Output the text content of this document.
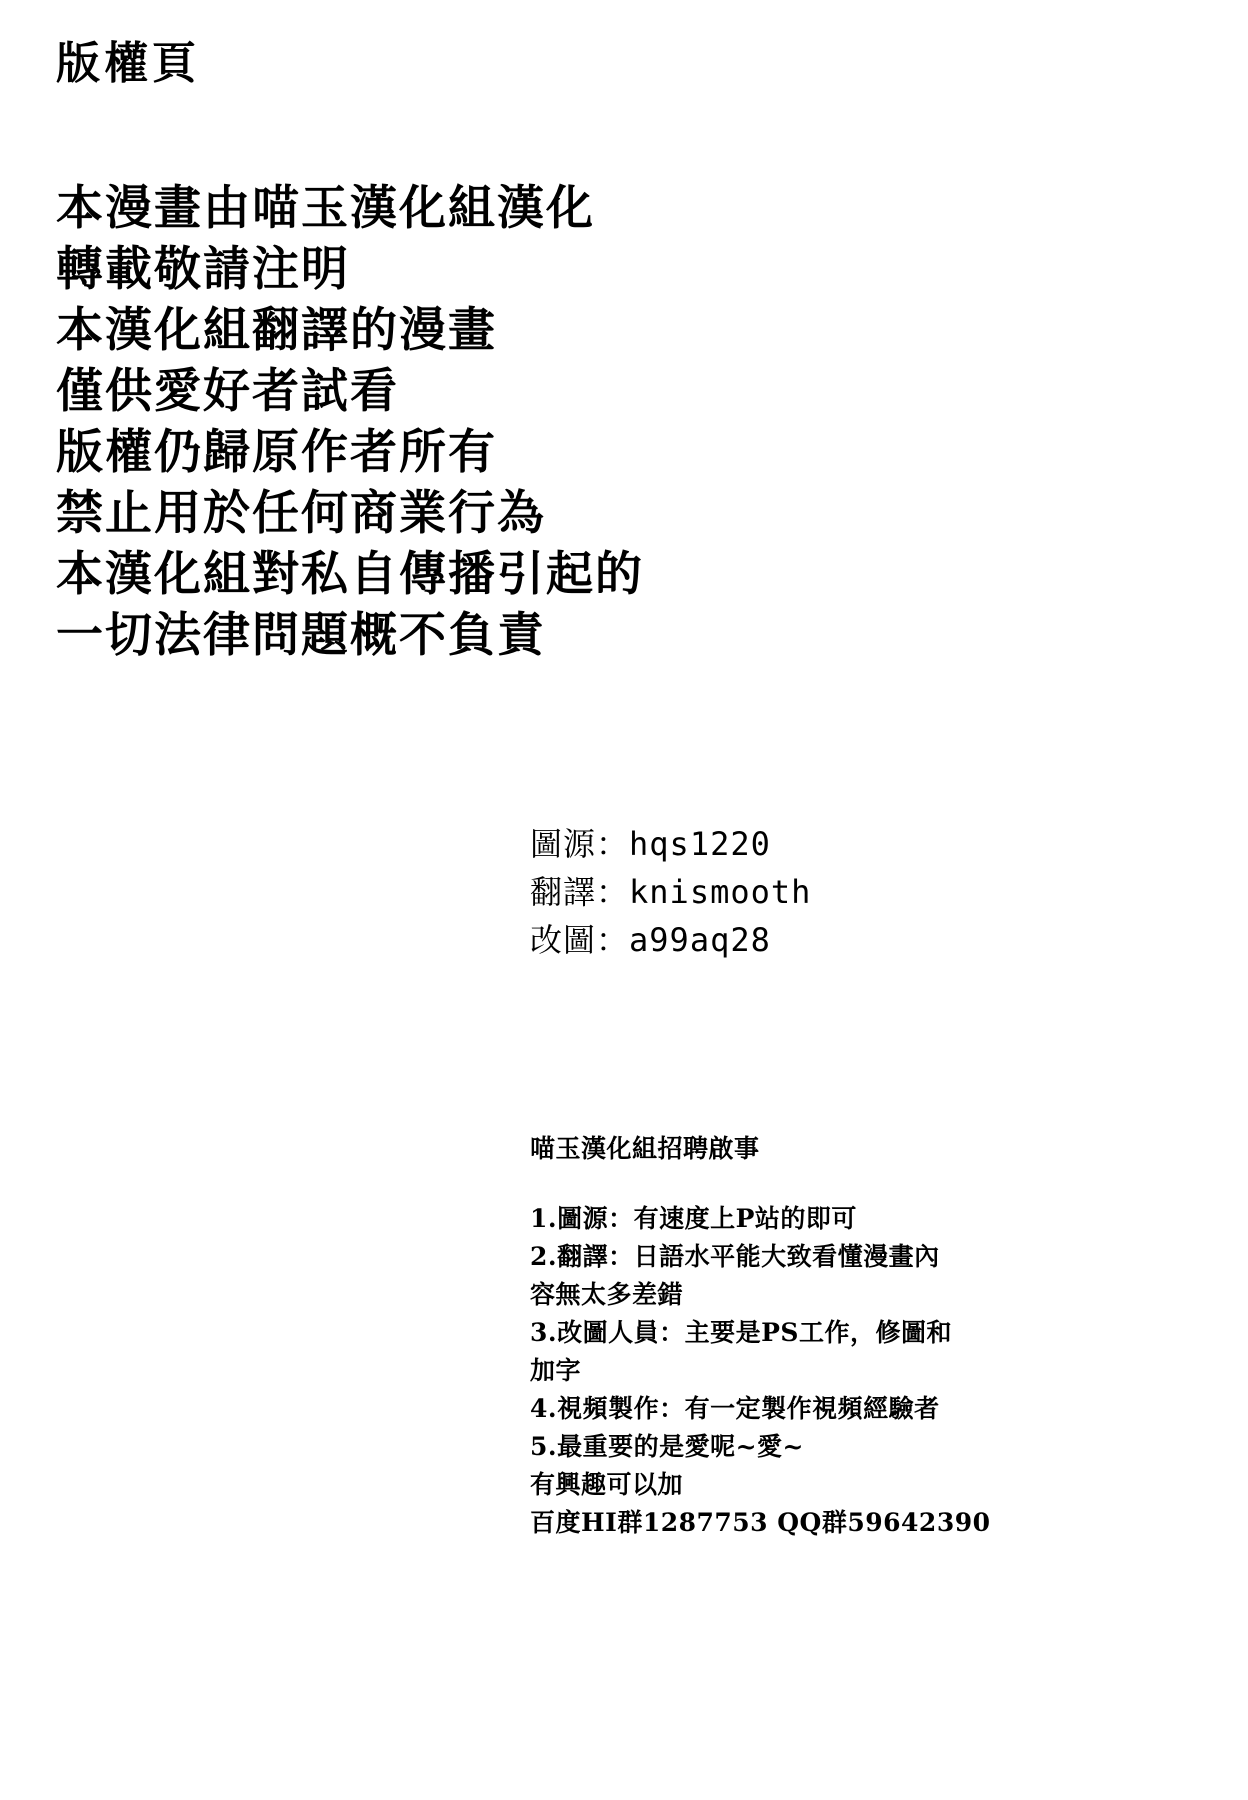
版權頁
本漫畫由喵玉漢化組漢化
轉載敬請注明
本漢化組翻譯的漫畫
僅供愛好者試看
版權仍歸原作者所有
禁止用於任何商業行為
本漢化組對私自傳播引起的
一切法律問題概不負責
圖源：hqs1220
翻譯：knismooth
改圖：a99aq28
喵玉漢化組招聘啟事
1.圖源：有速度上P站的即可
2.翻譯：日語水平能大致看懂漫畫內
容無太多差錯
3.改圖人員：主要是PS工作，修圖和
加字
4.視頻製作：有一定製作視頻經驗者
5.最重要的是愛呢~愛~
有興趣可以加
百度HI群1287753 QQ群59642390
